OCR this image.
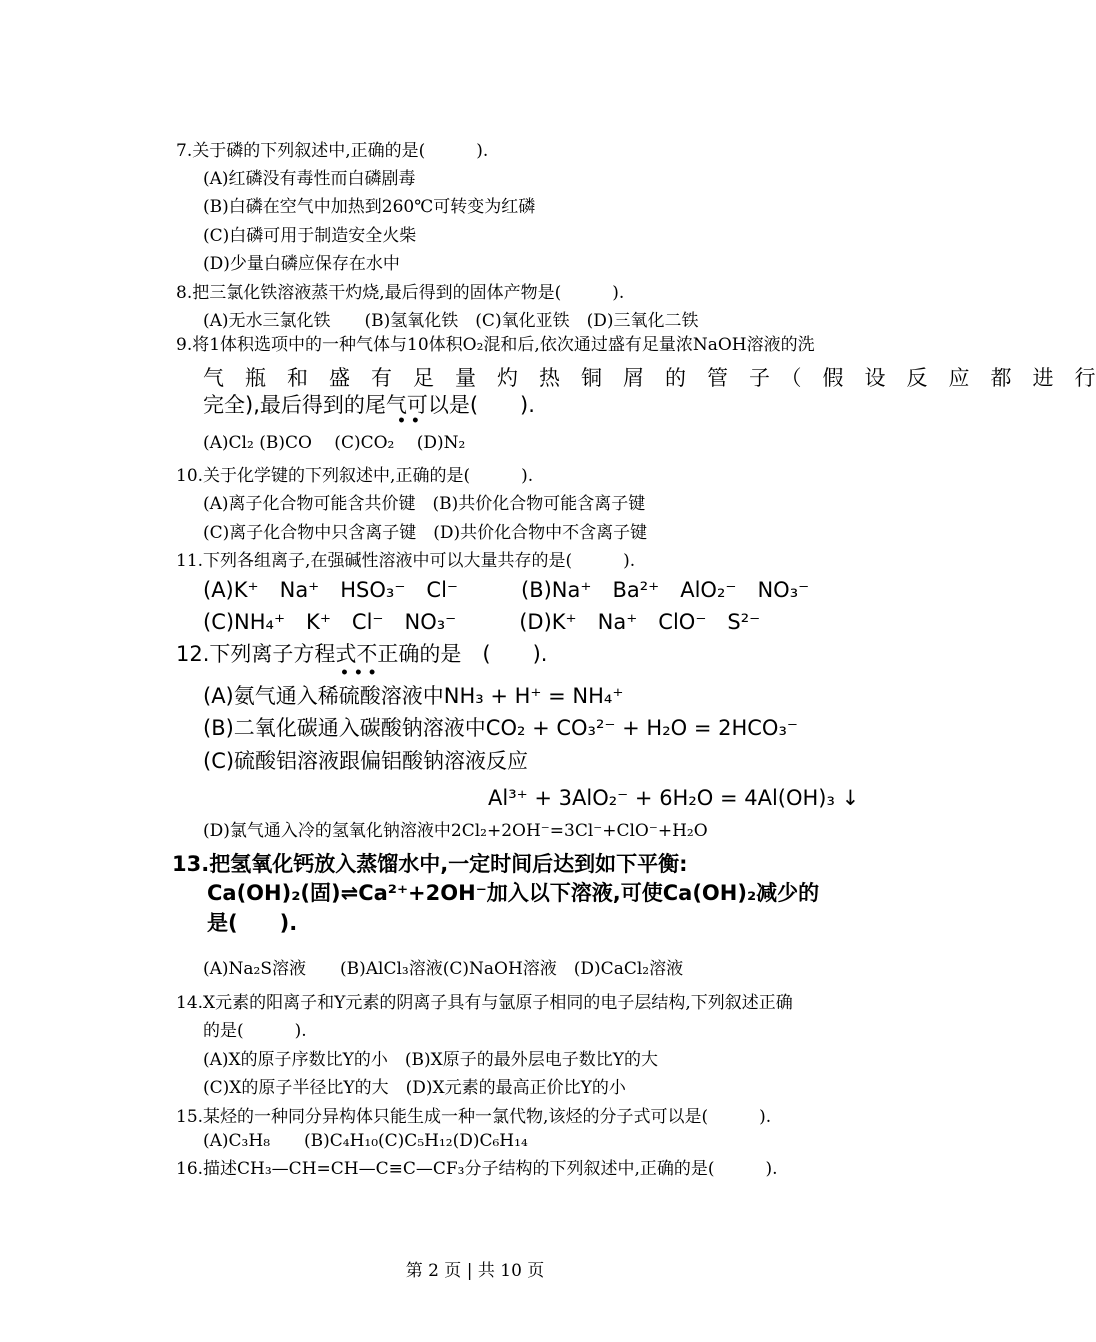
7.关于磷的下列叙述中,正确的是(　　　).
(A)红磷没有毒性而白磷剧毒
(B)白磷在空气中加热到260℃可转变为红磷
(C)白磷可用于制造安全火柴
(D)少量白磷应保存在水中
8.把三氯化铁溶液蒸干灼烧,最后得到的固体产物是(　　　).
(A)无水三氯化铁　　(B)氢氧化铁　(C)氧化亚铁　(D)三氧化二铁
9.将1体积选项中的一种气体与10体积O₂混和后,依次通过盛有足量浓NaOH溶液的洗
气　瓶　和　盛　有　足　量　灼　热　铜　屑　的　管　子　（　假　设　反　应　都　进　行
完全),最后得到的尾气可以是(　　).
• •
(A)Cl₂ (B)CO　 (C)CO₂　 (D)N₂
10.关于化学键的下列叙述中,正确的是(　　　).
(A)离子化合物可能含共价键　(B)共价化合物可能含离子键
(C)离子化合物中只含离子键　(D)共价化合物中不含离子键
11.下列各组离子,在强碱性溶液中可以大量共存的是(　　　).
(A)K⁺　Na⁺　HSO₃⁻　Cl⁻　　　(B)Na⁺　Ba²⁺　AlO₂⁻　NO₃⁻
(C)NH₄⁺　K⁺　Cl⁻　NO₃⁻　　　(D)K⁺　Na⁺　ClO⁻　S²⁻
12.下列离子方程式不正确的是　(　　).
• • •
(A)氨气通入稀硫酸溶液中NH₃ + H⁺ = NH₄⁺
(B)二氧化碳通入碳酸钠溶液中CO₂ + CO₃²⁻ + H₂O = 2HCO₃⁻
(C)硫酸铝溶液跟偏铝酸钠溶液反应
Al³⁺ + 3AlO₂⁻ + 6H₂O = 4Al(OH)₃ ↓
(D)氯气通入冷的氢氧化钠溶液中2Cl₂+2OH⁻=3Cl⁻+ClO⁻+H₂O
13.把氢氧化钙放入蒸馏水中,一定时间后达到如下平衡:
Ca(OH)₂(固)⇌Ca²⁺+2OH⁻加入以下溶液,可使Ca(OH)₂减少的
是(　　).
(A)Na₂S溶液　　(B)AlCl₃溶液(C)NaOH溶液　(D)CaCl₂溶液
14.X元素的阳离子和Y元素的阴离子具有与氩原子相同的电子层结构,下列叙述正确
的是(　　　).
(A)X的原子序数比Y的小　(B)X原子的最外层电子数比Y的大
(C)X的原子半径比Y的大　(D)X元素的最高正价比Y的小
15.某烃的一种同分异构体只能生成一种一氯代物,该烃的分子式可以是(　　　).
(A)C₃H₈　　(B)C₄H₁₀(C)C₅H₁₂(D)C₆H₁₄
16.描述CH₃—CH=CH—C≡C—CF₃分子结构的下列叙述中,正确的是(　　　).
第 2 页 | 共 10 页
